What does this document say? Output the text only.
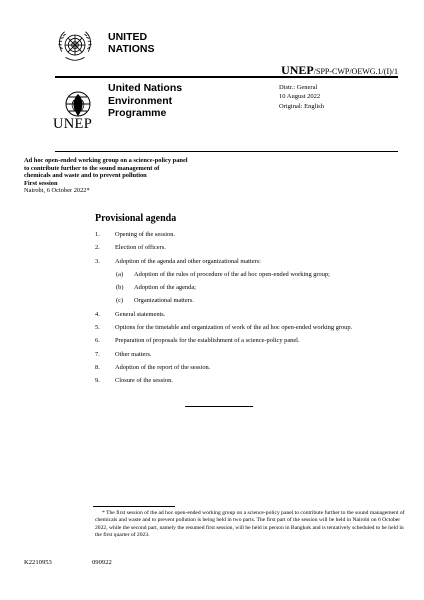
UNITED
NATIONS
UNEP/SPP-CWP/OEWG.1/(I)/1
UNEP
United Nations
Environment
Programme
Distr.: General
10 August 2022
Original: English
Ad hoc open-ended working group on a science-policy panel
to contribute further to the sound management of
chemicals and waste and to prevent pollution
First session
Nairobi, 6 October 2022*
Provisional agenda
1. Opening of the session.
2. Election of officers.
3. Adoption of the agenda and other organizational matters:
(a) Adoption of the rules of procedure of the ad hoc open-ended working group;
(b) Adoption of the agenda;
(c) Organizational matters.
4. General statements.
5. Options for the timetable and organization of work of the ad hoc open-ended working group.
6. Preparation of proposals for the establishment of a science-policy panel.
7. Other matters.
8. Adoption of the report of the session.
9. Closure of the session.
* The first session of the ad hoc open-ended working group on a science-policy panel to contribute further to the sound management of chemicals and waste and to prevent pollution is being held in two parts. The first part of the session will be held in Nairobi on 6 October 2022, while the second part, namely the resumed first session, will be held in person in Bangkok and is tentatively scheduled to be held in the first quarter of 2023.
K2210953	090922
